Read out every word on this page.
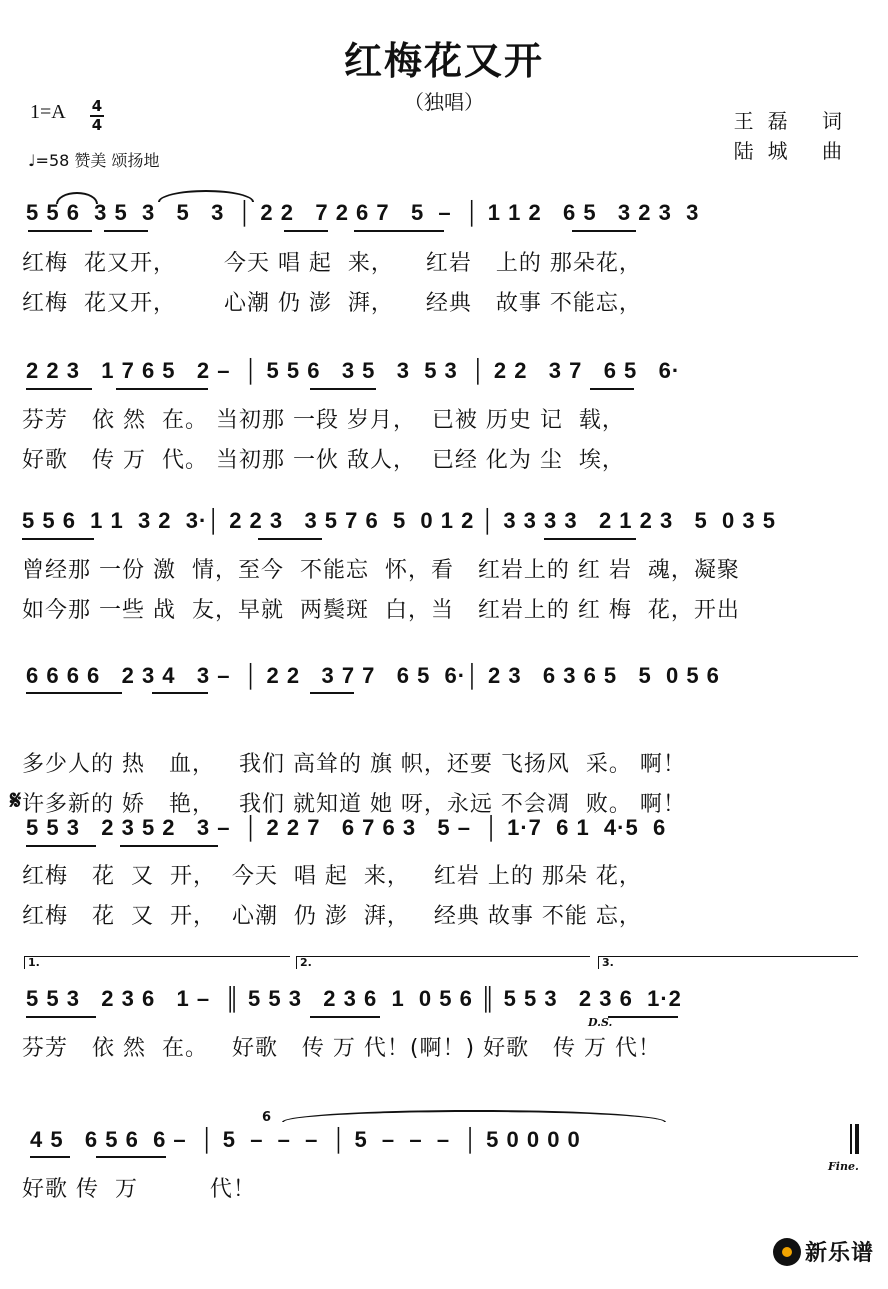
红梅花又开
（独唱）
1=A 4
4
♩=58 赞美 颂扬地
王磊 词
陆城 曲
5 5 6  3 5  3   5   3  │ 2 2   7 2 6 7   5  –  │ 1 1 2   6 5   3 2 3  3
红梅  花又开，      今天 唱 起  来，    红岩   上的 那朵花，
红梅  花又开，      心潮 仍 澎  湃，    经典   故事 不能忘，
2 2 3   1 7 6 5   2 –  │ 5 5 6   3 5   3  5 3  │ 2 2   3 7   6 5   6·
芬芳   依 然  在。 当初那 一段 岁月，  已被 历史 记  载，
好歌   传 万  代。 当初那 一伙 敌人，  已经 化为 尘  埃，
5 5 6  1 1  3 2  3·│ 2 2 3   3 5 7 6  5  0 1 2 │ 3 3 3 3   2 1 2 3   5  0 3 5
曾经那 一份 激  情，至今  不能忘  怀，看   红岩上的 红 岩  魂，凝聚
如今那 一些 战  友，早就  两鬓斑  白，当   红岩上的 红 梅  花，开出
6 6 6 6   2 3 4   3 –  │ 2 2   3 7 7   6 5  6·│ 2 3   6 3 6 5   5  0 5 6
多少人的 热   血，   我们 高耸的 旗 帜，还要 飞扬风  采。 啊！
许多新的 娇   艳，   我们 就知道 她 呀，永远 不会凋  败。 啊！
𝄋
5 5 3   2 3 5 2   3 –  │ 2 2 7   6 7 6 3   5 –  │ 1·7  6 1  4·5  6
红梅   花  又  开，  今天  唱 起  来，   红岩 上的 那朵 花，
红梅   花  又  开，  心潮  仍 澎  湃，   经典 故事 不能 忘，
1.	2.	3.
5 5 3   2 3 6   1 –  ║ 5 5 3   2 3 6  1  0 5 6 ║ 5 5 3   2 3 6  1·2
D.S.
芬芳   依 然  在。   好歌   传 万 代！(啊！) 好歌   传 万 代！
4 5   6 5 6  6 –  │ 5  –  –  –  │ 5  –  –  –  │ 5 0 0 0 0
6
好歌 传  万         代！
Fine.
新乐谱
